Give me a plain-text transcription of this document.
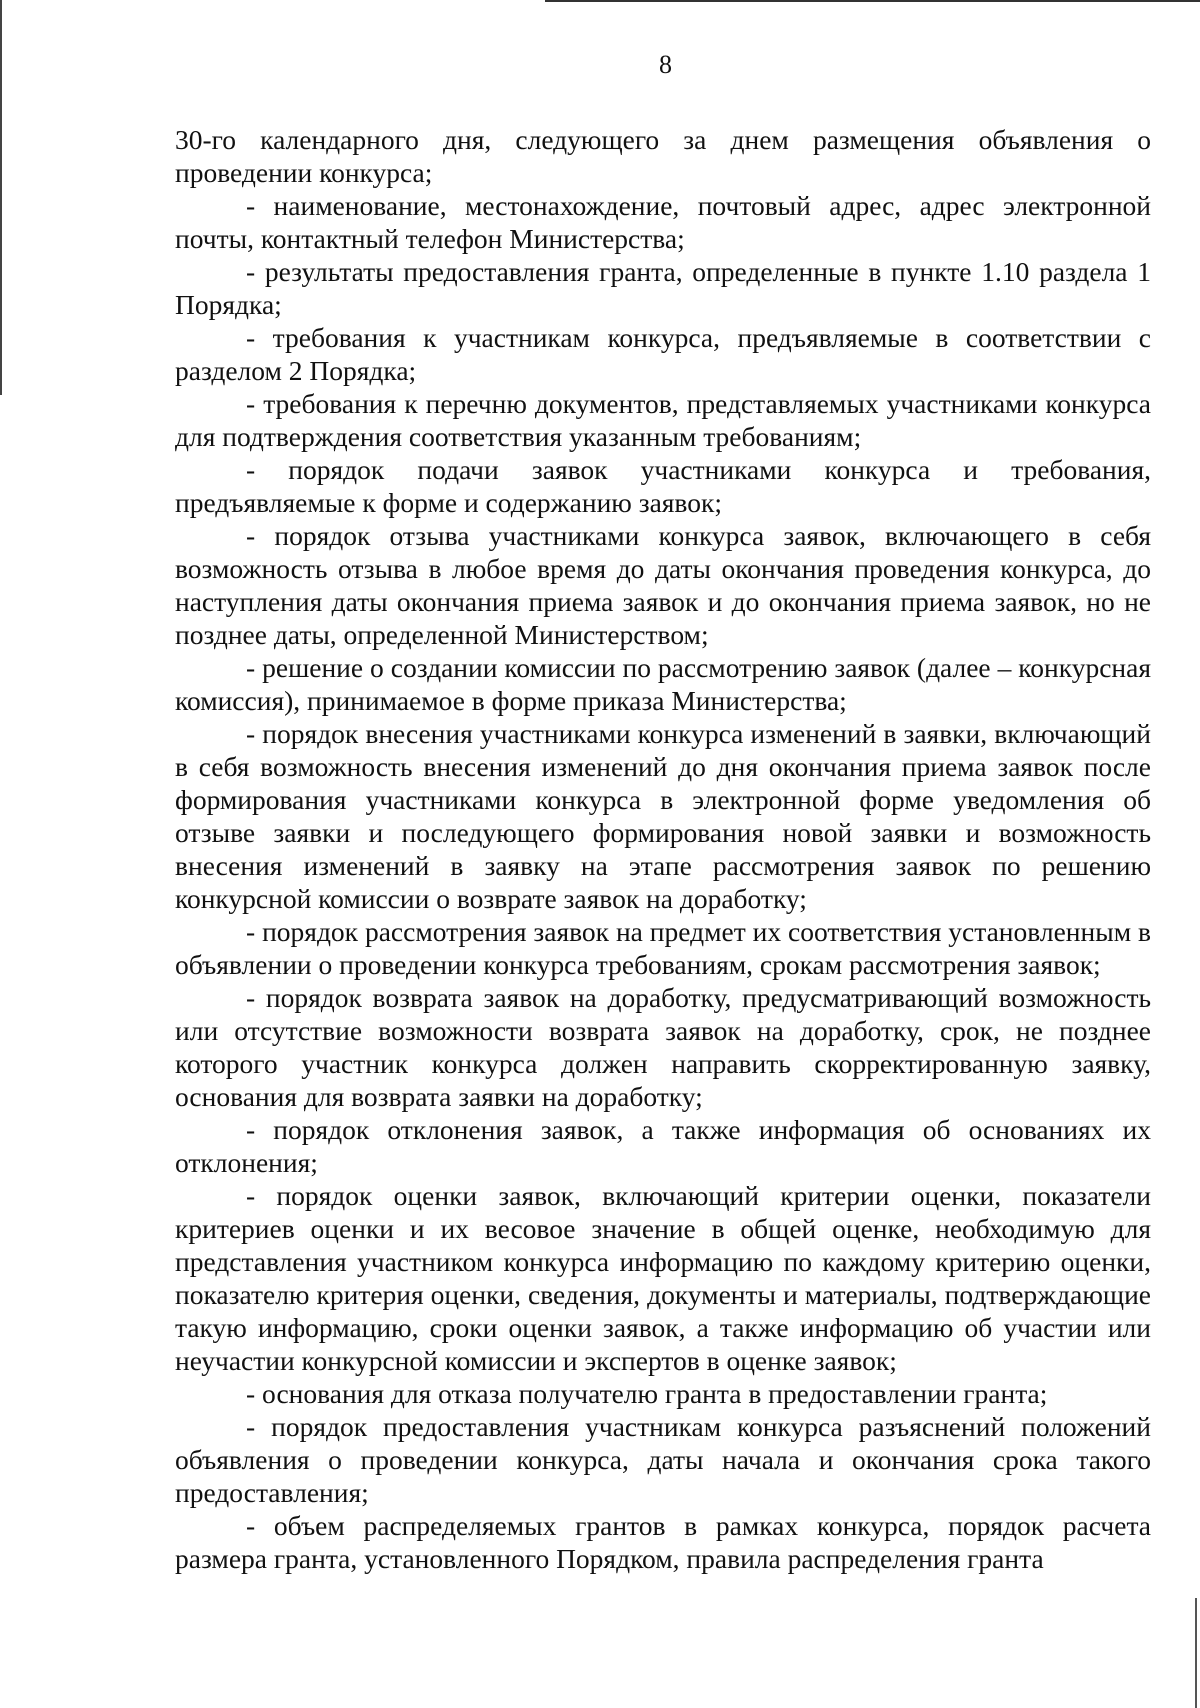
8

30-го календарного дня, следующего за днем размещения объявления о проведении конкурса;

- наименование, местонахождение, почтовый адрес, адрес электронной почты, контактный телефон Министерства;

- результаты предоставления гранта, определенные в пункте 1.10 раздела 1 Порядка;

- требования к участникам конкурса, предъявляемые в соответствии с разделом 2 Порядка;

- требования к перечню документов, представляемых участниками конкурса для подтверждения соответствия указанным требованиям;

- порядок подачи заявок участниками конкурса и требования, предъявляемые к форме и содержанию заявок;

- порядок отзыва участниками конкурса заявок, включающего в себя возможность отзыва в любое время до даты окончания проведения конкурса, до наступления даты окончания приема заявок и до окончания приема заявок, но не позднее даты, определенной Министерством;

- решение о создании комиссии по рассмотрению заявок (далее – конкурсная комиссия), принимаемое в форме приказа Министерства;

- порядок внесения участниками конкурса изменений в заявки, включающий в себя возможность внесения изменений до дня окончания приема заявок после формирования участниками конкурса в электронной форме уведомления об отзыве заявки и последующего формирования новой заявки и возможность внесения изменений в заявку на этапе рассмотрения заявок по решению конкурсной комиссии о возврате заявок на доработку;

- порядок рассмотрения заявок на предмет их соответствия установленным в объявлении о проведении конкурса требованиям, срокам рассмотрения заявок;

- порядок возврата заявок на доработку, предусматривающий возможность или отсутствие возможности возврата заявок на доработку, срок, не позднее которого участник конкурса должен направить скорректированную заявку, основания для возврата заявки на доработку;

- порядок отклонения заявок, а также информация об основаниях их отклонения;

- порядок оценки заявок, включающий критерии оценки, показатели критериев оценки и их весовое значение в общей оценке, необходимую для представления участником конкурса информацию по каждому критерию оценки, показателю критерия оценки, сведения, документы и материалы, подтверждающие такую информацию, сроки оценки заявок, а также информацию об участии или неучастии конкурсной комиссии и экспертов в оценке заявок;

- основания для отказа получателю гранта в предоставлении гранта;

- порядок предоставления участникам конкурса разъяснений положений объявления о проведении конкурса, даты начала и окончания срока такого предоставления;

- объем распределяемых грантов в рамках конкурса, порядок расчета размера гранта, установленного Порядком, правила распределения гранта
